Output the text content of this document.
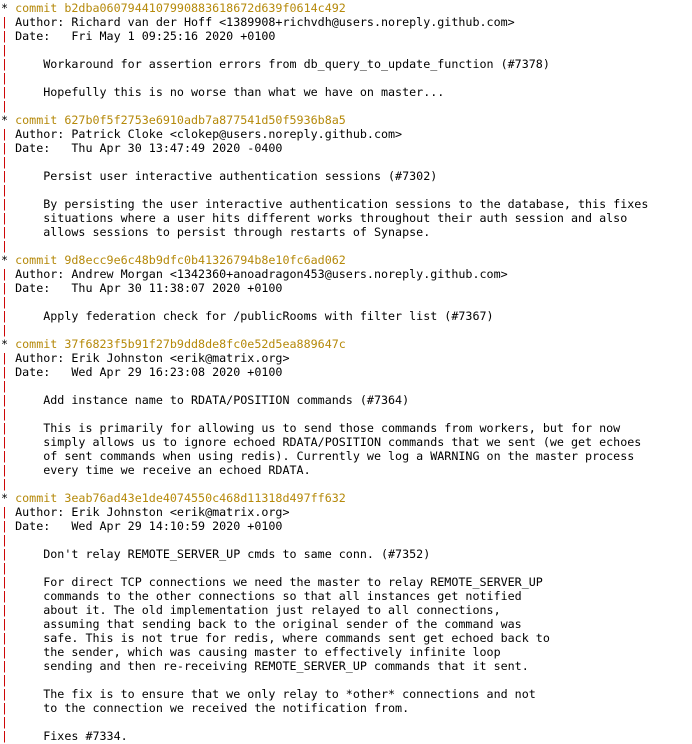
* commit b2dba0607944107990883618672d639f0614c492
| Author: Richard van der Hoff <1389908+richvdh@users.noreply.github.com>
| Date:   Fri May 1 09:25:16 2020 +0100
|
|     Workaround for assertion errors from db_query_to_update_function (#7378)
|
|     Hopefully this is no worse than what we have on master...
|
* commit 627b0f5f2753e6910adb7a877541d50f5936b8a5
| Author: Patrick Cloke <clokep@users.noreply.github.com>
| Date:   Thu Apr 30 13:47:49 2020 -0400
|
|     Persist user interactive authentication sessions (#7302)
|
|     By persisting the user interactive authentication sessions to the database, this fixes
|     situations where a user hits different works throughout their auth session and also
|     allows sessions to persist through restarts of Synapse.
|
* commit 9d8ecc9e6c48b9dfc0b41326794b8e10fc6ad062
| Author: Andrew Morgan <1342360+anoadragon453@users.noreply.github.com>
| Date:   Thu Apr 30 11:38:07 2020 +0100
|
|     Apply federation check for /publicRooms with filter list (#7367)
|
* commit 37f6823f5b91f27b9dd8de8fc0e52d5ea889647c
| Author: Erik Johnston <erik@matrix.org>
| Date:   Wed Apr 29 16:23:08 2020 +0100
|
|     Add instance name to RDATA/POSITION commands (#7364)
|
|     This is primarily for allowing us to send those commands from workers, but for now
|     simply allows us to ignore echoed RDATA/POSITION commands that we sent (we get echoes
|     of sent commands when using redis). Currently we log a WARNING on the master process
|     every time we receive an echoed RDATA.
|
* commit 3eab76ad43e1de4074550c468d11318d497ff632
| Author: Erik Johnston <erik@matrix.org>
| Date:   Wed Apr 29 14:10:59 2020 +0100
|
|     Don't relay REMOTE_SERVER_UP cmds to same conn. (#7352)
|
|     For direct TCP connections we need the master to relay REMOTE_SERVER_UP
|     commands to the other connections so that all instances get notified
|     about it. The old implementation just relayed to all connections,
|     assuming that sending back to the original sender of the command was
|     safe. This is not true for redis, where commands sent get echoed back to
|     the sender, which was causing master to effectively infinite loop
|     sending and then re-receiving REMOTE_SERVER_UP commands that it sent.
|
|     The fix is to ensure that we only relay to *other* connections and not
|     to the connection we received the notification from.
|
|     Fixes #7334.
